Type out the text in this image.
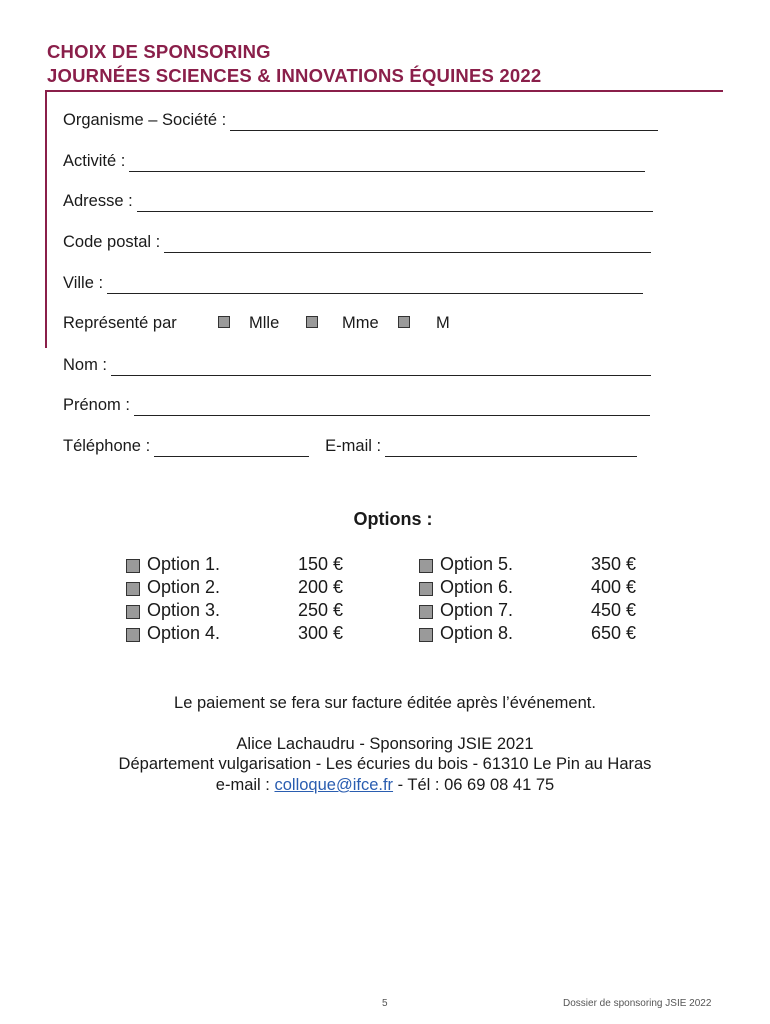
CHOIX DE SPONSORING
JOURNÉES SCIENCES & INNOVATIONS ÉQUINES 2022
Organisme – Société :
Activité :
Adresse :
Code postal :
Ville :
Représenté par	Mlle	Mme	M
Nom :
Prénom :
Téléphone :	E-mail :
Options :
Option 1.	150 €
Option 2.	200 €
Option 3.	250 €
Option 4.	300 €
Option 5.	350 €
Option 6.	400 €
Option 7.	450 €
Option 8.	650 €
Le paiement se fera sur facture éditée après l’événement.
Alice Lachaudru - Sponsoring JSIE 2021
Département vulgarisation - Les écuries du bois - 61310 Le Pin au Haras
e-mail : colloque@ifce.fr - Tél : 06 69 08 41 75
5	Dossier de sponsoring JSIE 2022
